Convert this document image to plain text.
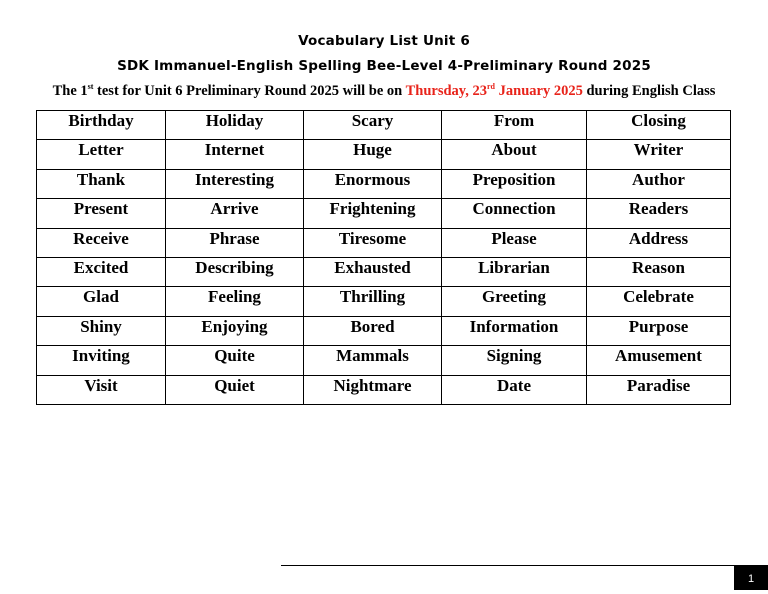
Vocabulary List Unit 6
SDK Immanuel-English Spelling Bee-Level 4-Preliminary Round 2025
The 1st test for Unit 6 Preliminary Round 2025 will be on Thursday, 23rd January 2025 during English Class
Birthday	Holiday	Scary	From	Closing
Letter	Internet	Huge	About	Writer
Thank	Interesting	Enormous	Preposition	Author
Present	Arrive	Frightening	Connection	Readers
Receive	Phrase	Tiresome	Please	Address
Excited	Describing	Exhausted	Librarian	Reason
Glad	Feeling	Thrilling	Greeting	Celebrate
Shiny	Enjoying	Bored	Information	Purpose
Inviting	Quite	Mammals	Signing	Amusement
Visit	Quiet	Nightmare	Date	Paradise
1
